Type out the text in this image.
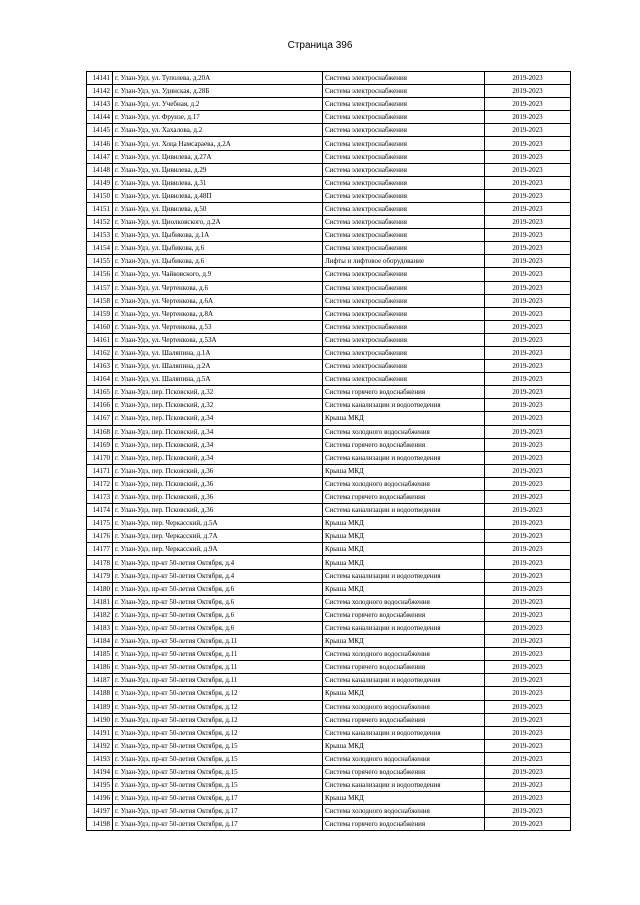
Страница 396
14141	г. Улан-Удэ, ул. Туполева, д.20А	Система электроснабжения	2019-2023
14142	г. Улан-Удэ, ул. Удинская, д.28Б	Система электроснабжения	2019-2023
14143	г. Улан-Удэ, ул. Учебная, д.2	Система электроснабжения	2019-2023
14144	г. Улан-Удэ, ул. Фрунзе, д.17	Система электроснабжения	2019-2023
14145	г. Улан-Удэ, ул. Хахалова, д.2	Система электроснабжения	2019-2023
14146	г. Улан-Удэ, ул. Хоца Намсараева, д.2А	Система электроснабжения	2019-2023
14147	г. Улан-Удэ, ул. Цивилева, д.27А	Система электроснабжения	2019-2023
14148	г. Улан-Удэ, ул. Цивилева, д.29	Система электроснабжения	2019-2023
14149	г. Улан-Удэ, ул. Цивилева, д.31	Система электроснабжения	2019-2023
14150	г. Улан-Удэ, ул. Цивилева, д.48П	Система электроснабжения	2019-2023
14151	г. Улан-Удэ, ул. Цивилева, д.50	Система электроснабжения	2019-2023
14152	г. Улан-Удэ, ул. Циолковского, д.2А	Система электроснабжения	2019-2023
14153	г. Улан-Удэ, ул. Цыбикова, д.1А	Система электроснабжения	2019-2023
14154	г. Улан-Удэ, ул. Цыбикова, д.6	Система электроснабжения	2019-2023
14155	г. Улан-Удэ, ул. Цыбикова, д.6	Лифты и лифтовое оборудование	2019-2023
14156	г. Улан-Удэ, ул. Чайковского, д.9	Система электроснабжения	2019-2023
14157	г. Улан-Удэ, ул. Чертенкова, д.6	Система электроснабжения	2019-2023
14158	г. Улан-Удэ, ул. Чертенкова, д.6А	Система электроснабжения	2019-2023
14159	г. Улан-Удэ, ул. Чертенкова, д.8А	Система электроснабжения	2019-2023
14160	г. Улан-Удэ, ул. Чертенкова, д.53	Система электроснабжения	2019-2023
14161	г. Улан-Удэ, ул. Чертенкова, д.53А	Система электроснабжения	2019-2023
14162	г. Улан-Удэ, ул. Шаляпина, д.1А	Система электроснабжения	2019-2023
14163	г. Улан-Удэ, ул. Шаляпина, д.2А	Система электроснабжения	2019-2023
14164	г. Улан-Удэ, ул. Шаляпина, д.5А	Система электроснабжения	2019-2023
14165	г. Улан-Удэ, пер. Псковский, д.32	Система горячего водоснабжения	2019-2023
14166	г. Улан-Удэ, пер. Псковский, д.32	Система канализации и водоотведения	2019-2023
14167	г. Улан-Удэ, пер. Псковский, д.34	Крыша МКД	2019-2023
14168	г. Улан-Удэ, пер. Псковский, д.34	Система холодного водоснабжения	2019-2023
14169	г. Улан-Удэ, пер. Псковский, д.34	Система горячего водоснабжения	2019-2023
14170	г. Улан-Удэ, пер. Псковский, д.34	Система канализации и водоотведения	2019-2023
14171	г. Улан-Удэ, пер. Псковский, д.36	Крыша МКД	2019-2023
14172	г. Улан-Удэ, пер. Псковский, д.36	Система холодного водоснабжения	2019-2023
14173	г. Улан-Удэ, пер. Псковский, д.36	Система горячего водоснабжения	2019-2023
14174	г. Улан-Удэ, пер. Псковский, д.36	Система канализации и водоотведения	2019-2023
14175	г. Улан-Удэ, пер. Черкасский, д.5А	Крыша МКД	2019-2023
14176	г. Улан-Удэ, пер. Черкасский, д.7А	Крыша МКД	2019-2023
14177	г. Улан-Удэ, пер. Черкасский, д.9А	Крыша МКД	2019-2023
14178	г. Улан-Удэ, пр-кт 50-летия Октября, д.4	Крыша МКД	2019-2023
14179	г. Улан-Удэ, пр-кт 50-летия Октября, д.4	Система канализации и водоотведения	2019-2023
14180	г. Улан-Удэ, пр-кт 50-летия Октября, д.6	Крыша МКД	2019-2023
14181	г. Улан-Удэ, пр-кт 50-летия Октября, д.6	Система холодного водоснабжения	2019-2023
14182	г. Улан-Удэ, пр-кт 50-летия Октября, д.6	Система горячего водоснабжения	2019-2023
14183	г. Улан-Удэ, пр-кт 50-летия Октября, д.6	Система канализации и водоотведения	2019-2023
14184	г. Улан-Удэ, пр-кт 50-летия Октября, д.11	Крыша МКД	2019-2023
14185	г. Улан-Удэ, пр-кт 50-летия Октября, д.11	Система холодного водоснабжения	2019-2023
14186	г. Улан-Удэ, пр-кт 50-летия Октября, д.11	Система горячего водоснабжения	2019-2023
14187	г. Улан-Удэ, пр-кт 50-летия Октября, д.11	Система канализации и водоотведения	2019-2023
14188	г. Улан-Удэ, пр-кт 50-летия Октября, д.12	Крыша МКД	2019-2023
14189	г. Улан-Удэ, пр-кт 50-летия Октября, д.12	Система холодного водоснабжения	2019-2023
14190	г. Улан-Удэ, пр-кт 50-летия Октября, д.12	Система горячего водоснабжения	2019-2023
14191	г. Улан-Удэ, пр-кт 50-летия Октября, д.12	Система канализации и водоотведения	2019-2023
14192	г. Улан-Удэ, пр-кт 50-летия Октября, д.15	Крыша МКД	2019-2023
14193	г. Улан-Удэ, пр-кт 50-летия Октября, д.15	Система холодного водоснабжения	2019-2023
14194	г. Улан-Удэ, пр-кт 50-летия Октября, д.15	Система горячего водоснабжения	2019-2023
14195	г. Улан-Удэ, пр-кт 50-летия Октября, д.15	Система канализации и водоотведения	2019-2023
14196	г. Улан-Удэ, пр-кт 50-летия Октября, д.17	Крыша МКД	2019-2023
14197	г. Улан-Удэ, пр-кт 50-летия Октября, д.17	Система холодного водоснабжения	2019-2023
14198	г. Улан-Удэ, пр-кт 50-летия Октября, д.17	Система горячего водоснабжения	2019-2023
